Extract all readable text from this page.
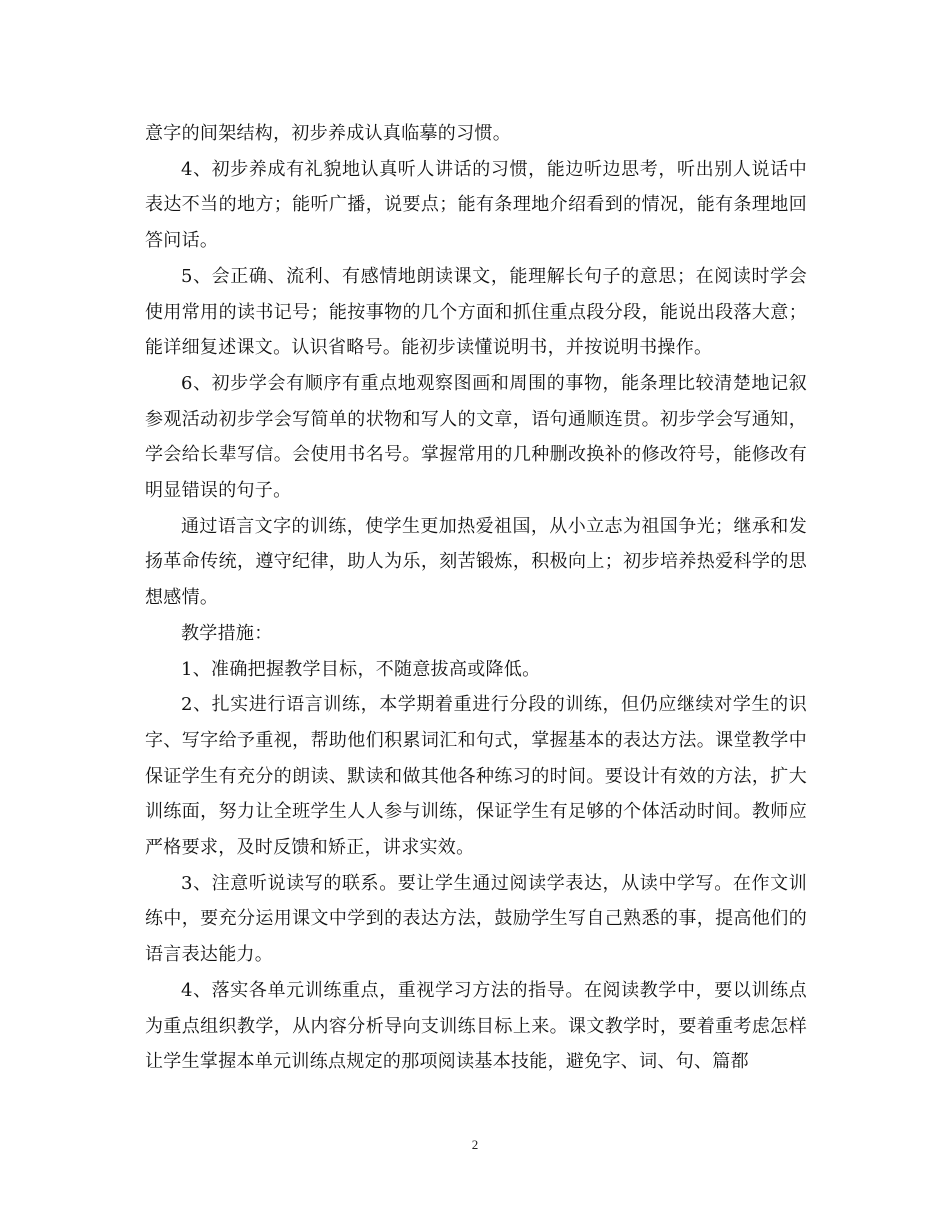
意字的间架结构，初步养成认真临摹的习惯。

4、初步养成有礼貌地认真听人讲话的习惯，能边听边思考，听出别人说话中表达不当的地方；能听广播，说要点；能有条理地介绍看到的情况，能有条理地回答问话。

5、会正确、流利、有感情地朗读课文，能理解长句子的意思；在阅读时学会使用常用的读书记号；能按事物的几个方面和抓住重点段分段，能说出段落大意；能详细复述课文。认识省略号。能初步读懂说明书，并按说明书操作。

6、初步学会有顺序有重点地观察图画和周围的事物，能条理比较清楚地记叙参观活动初步学会写简单的状物和写人的文章，语句通顺连贯。初步学会写通知，学会给长辈写信。会使用书名号。掌握常用的几种删改换补的修改符号，能修改有明显错误的句子。

通过语言文字的训练，使学生更加热爱祖国，从小立志为祖国争光；继承和发扬革命传统，遵守纪律，助人为乐，刻苦锻炼，积极向上；初步培养热爱科学的思想感情。

教学措施：

1、准确把握教学目标，不随意拔高或降低。

2、扎实进行语言训练，本学期着重进行分段的训练，但仍应继续对学生的识字、写字给予重视，帮助他们积累词汇和句式，掌握基本的表达方法。课堂教学中保证学生有充分的朗读、默读和做其他各种练习的时间。要设计有效的方法，扩大训练面，努力让全班学生人人参与训练，保证学生有足够的个体活动时间。教师应严格要求，及时反馈和矫正，讲求实效。

3、注意听说读写的联系。要让学生通过阅读学表达，从读中学写。在作文训练中，要充分运用课文中学到的表达方法，鼓励学生写自己熟悉的事，提高他们的语言表达能力。

4、落实各单元训练重点，重视学习方法的指导。在阅读教学中，要以训练点为重点组织教学，从内容分析导向支训练目标上来。课文教学时，要着重考虑怎样让学生掌握本单元训练点规定的那项阅读基本技能，避免字、词、句、篇都

2
